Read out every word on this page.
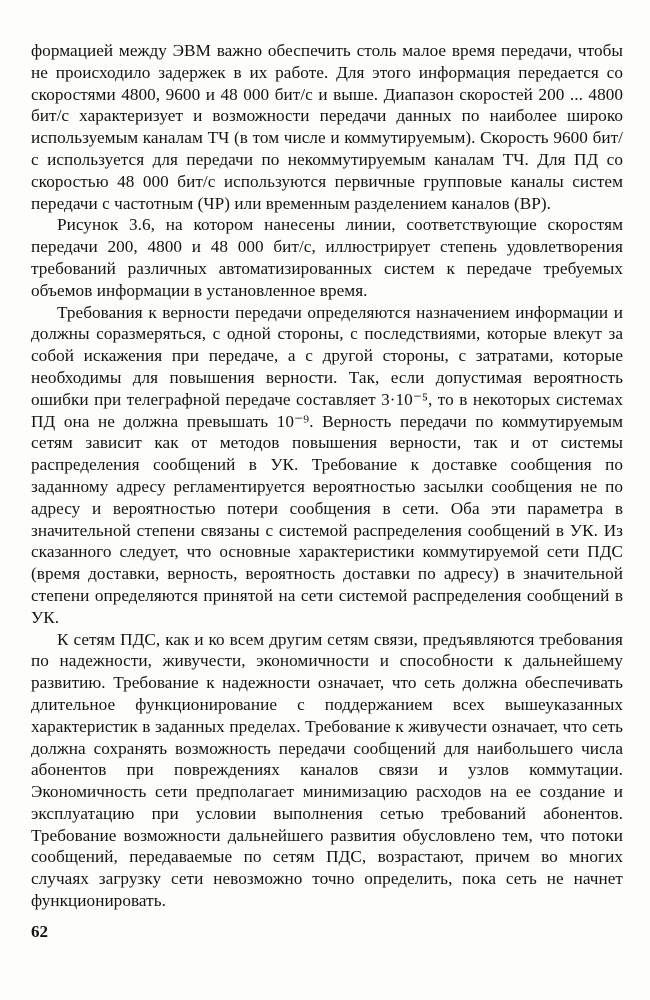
формацией между ЭВМ важно обеспечить столь малое время передачи, чтобы не происходило задержек в их работе. Для этого информация передается со скоростями 4800, 9600 и 48 000 бит/с и выше. Диапазон скоростей 200 ... 4800 бит/с характеризует и возможности передачи данных по наиболее широко используемым каналам ТЧ (в том числе и коммутируемым). Скорость 9600 бит/с используется для передачи по некоммутируемым каналам ТЧ. Для ПД со скоростью 48 000 бит/с используются первичные групповые каналы систем передачи с частотным (ЧР) или временным разделением каналов (ВР).

Рисунок 3.6, на котором нанесены линии, соответствующие скоростям передачи 200, 4800 и 48 000 бит/с, иллюстрирует степень удовлетворения требований различных автоматизированных систем к передаче требуемых объемов информации в установленное время.

Требования к верности передачи определяются назначением информации и должны соразмеряться, с одной стороны, с последствиями, которые влекут за собой искажения при передаче, а с другой стороны, с затратами, которые необходимы для повышения верности. Так, если допустимая вероятность ошибки при телеграфной передаче составляет 3·10⁻⁵, то в некоторых системах ПД она не должна превышать 10⁻⁹. Верность передачи по коммутируемым сетям зависит как от методов повышения верности, так и от системы распределения сообщений в УК. Требование к доставке сообщения по заданному адресу регламентируется вероятностью засылки сообщения не по адресу и вероятностью потери сообщения в сети. Оба эти параметра в значительной степени связаны с системой распределения сообщений в УК. Из сказанного следует, что основные характеристики коммутируемой сети ПДС (время доставки, верность, вероятность доставки по адресу) в значительной степени определяются принятой на сети системой распределения сообщений в УК.

К сетям ПДС, как и ко всем другим сетям связи, предъявляются требования по надежности, живучести, экономичности и способности к дальнейшему развитию. Требование к надежности означает, что сеть должна обеспечивать длительное функционирование с поддержанием всех вышеуказанных характеристик в заданных пределах. Требование к живучести означает, что сеть должна сохранять возможность передачи сообщений для наибольшего числа абонентов при повреждениях каналов связи и узлов коммутации. Экономичность сети предполагает минимизацию расходов на ее создание и эксплуатацию при условии выполнения сетью требований абонентов. Требование возможности дальнейшего развития обусловлено тем, что потоки сообщений, передаваемые по сетям ПДС, возрастают, причем во многих случаях загрузку сети невозможно точно определить, пока сеть не начнет функционировать.

62
